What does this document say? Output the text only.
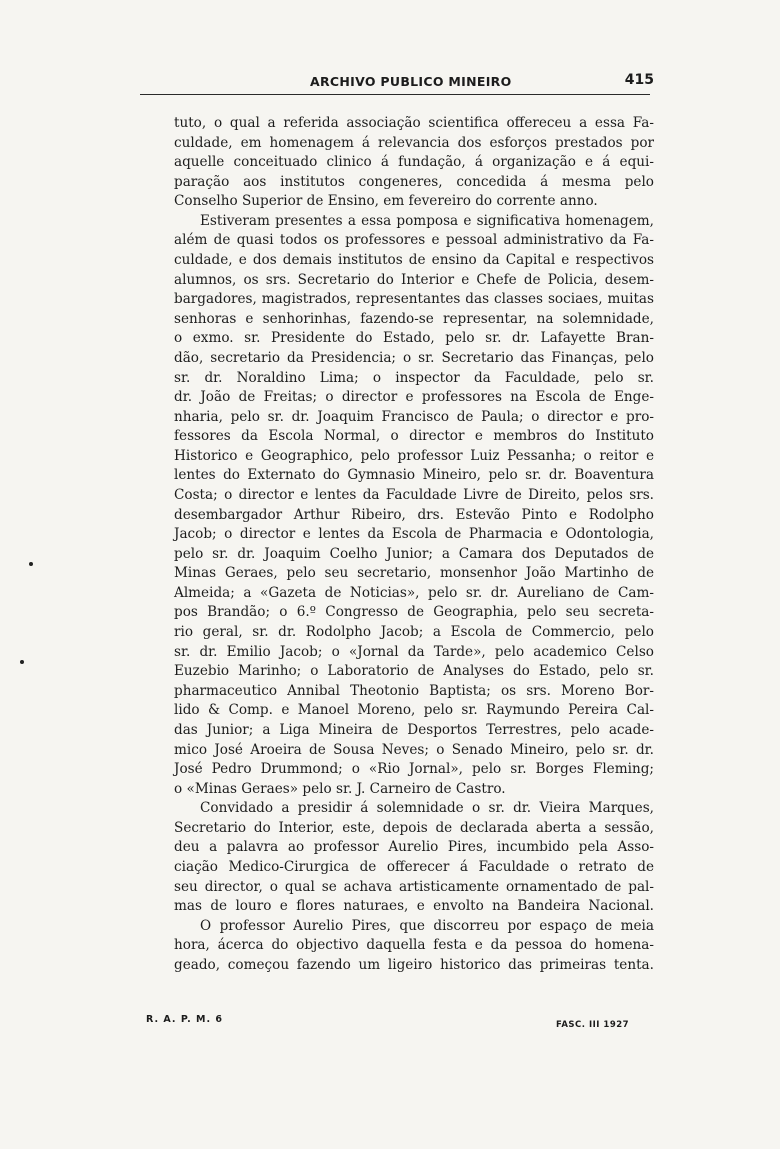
ARCHIVO PUBLICO MINEIRO	415
tuto, o qual a referida associação scientifica offereceu a essa Fa-
culdade, em homenagem á relevancia dos esforços prestados por
aquelle conceituado clinico á fundação, á organização e á equi-
paração aos institutos congeneres, concedida á mesma pelo
Conselho Superior de Ensino, em fevereiro do corrente anno.
Estiveram presentes a essa pomposa e significativa homenagem,
além de quasi todos os professores e pessoal administrativo da Fa-
culdade, e dos demais institutos de ensino da Capital e respectivos
alumnos, os srs. Secretario do Interior e Chefe de Policia, desem-
bargadores, magistrados, representantes das classes sociaes, muitas
senhoras e senhorinhas, fazendo-se representar, na solemnidade,
o exmo. sr. Presidente do Estado, pelo sr. dr. Lafayette Bran-
dão, secretario da Presidencia; o sr. Secretario das Finanças, pelo
sr. dr. Noraldino Lima; o inspector da Faculdade, pelo sr.
dr. João de Freitas; o director e professores na Escola de Enge-
nharia, pelo sr. dr. Joaquim Francisco de Paula; o director e pro-
fessores da Escola Normal, o director e membros do Instituto
Historico e Geographico, pelo professor Luiz Pessanha; o reitor e
lentes do Externato do Gymnasio Mineiro, pelo sr. dr. Boaventura
Costa; o director e lentes da Faculdade Livre de Direito, pelos srs.
desembargador Arthur Ribeiro, drs. Estevão Pinto e Rodolpho
Jacob; o director e lentes da Escola de Pharmacia e Odontologia,
pelo sr. dr. Joaquim Coelho Junior; a Camara dos Deputados de
Minas Geraes, pelo seu secretario, monsenhor João Martinho de
Almeida; a «Gazeta de Noticias», pelo sr. dr. Aureliano de Cam-
pos Brandão; o 6.º Congresso de Geographia, pelo seu secreta-
rio geral, sr. dr. Rodolpho Jacob; a Escola de Commercio, pelo
sr. dr. Emilio Jacob; o «Jornal da Tarde», pelo academico Celso
Euzebio Marinho; o Laboratorio de Analyses do Estado, pelo sr.
pharmaceutico Annibal Theotonio Baptista; os srs. Moreno Bor-
lido & Comp. e Manoel Moreno, pelo sr. Raymundo Pereira Cal-
das Junior; a Liga Mineira de Desportos Terrestres, pelo acade-
mico José Aroeira de Sousa Neves; o Senado Mineiro, pelo sr. dr.
José Pedro Drummond; o «Rio Jornal», pelo sr. Borges Fleming;
o «Minas Geraes» pelo sr. J. Carneiro de Castro.
Convidado a presidir á solemnidade o sr. dr. Vieira Marques,
Secretario do Interior, este, depois de declarada aberta a sessão,
deu a palavra ao professor Aurelio Pires, incumbido pela Asso-
ciação Medico-Cirurgica de offerecer á Faculdade o retrato de
seu director, o qual se achava artisticamente ornamentado de pal-
mas de louro e flores naturaes, e envolto na Bandeira Nacional.
O professor Aurelio Pires, que discorreu por espaço de meia
hora, ácerca do objectivo daquella festa e da pessoa do homena-
geado, começou fazendo um ligeiro historico das primeiras tenta.
R. A. P. M. 6	FASC. III 1927
